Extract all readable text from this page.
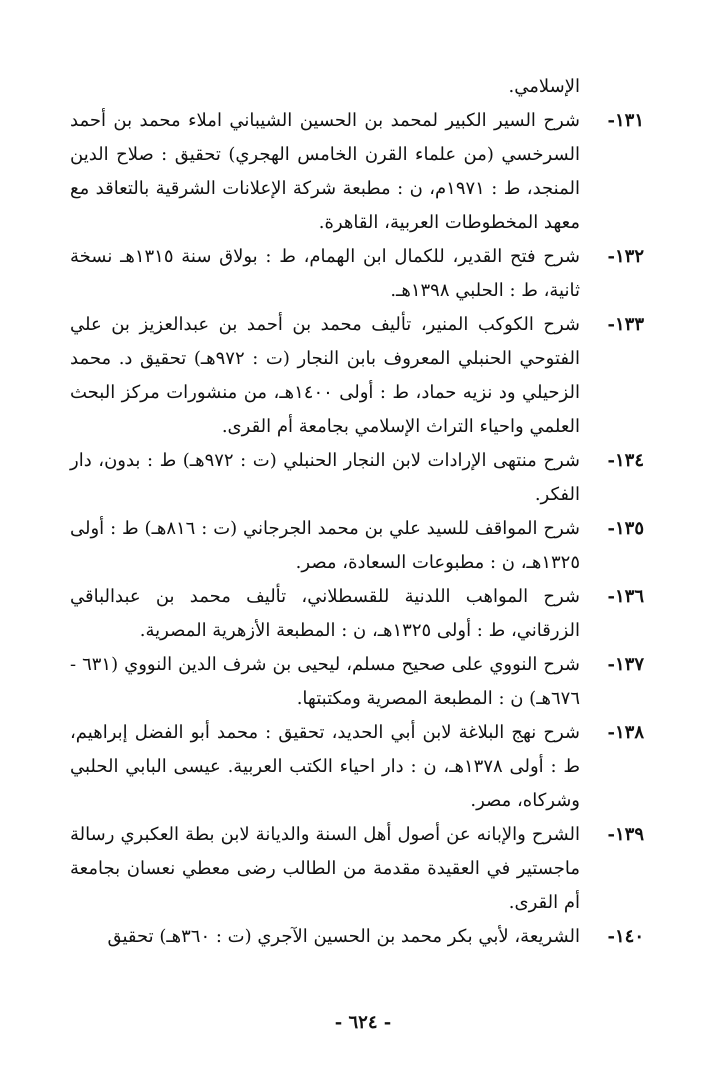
الإسلامي.

١٣١-
شرح السير الكبير لمحمد بن الحسين الشيباني املاء محمد بن أحمد السرخسي (من علماء القرن الخامس الهجري) تحقيق : صلاح الدين المنجد، ط : ١٩٧١م، ن : مطبعة شركة الإعلانات الشرقية بالتعاقد مع معهد المخطوطات العربية، القاهرة.
١٣٢-
شرح فتح القدير، للكمال ابن الهمام، ط : بولاق سنة ١٣١٥هـ نسخة ثانية، ط : الحلبي ١٣٩٨هـ.
١٣٣-
شرح الكوكب المنير، تأليف محمد بن أحمد بن عبدالعزيز بن علي الفتوحي الحنبلي المعروف بابن النجار (ت : ٩٧٢هـ) تحقيق د. محمد الزحيلي ود نزيه حماد، ط : أولى ١٤٠٠هـ، من منشورات مركز البحث العلمي واحياء التراث الإسلامي بجامعة أم القرى.
١٣٤-
شرح منتهى الإرادات لابن النجار الحنبلي (ت : ٩٧٢هـ) ط : بدون، دار الفكر.
١٣٥-
شرح المواقف للسيد علي بن محمد الجرجاني (ت : ٨١٦هـ) ط : أولى ١٣٢٥هـ، ن : مطبوعات السعادة، مصر.
١٣٦-
شرح المواهب اللدنية للقسطلاني، تأليف محمد بن عبدالباقي الزرقاني، ط : أولى ١٣٢٥هـ، ن : المطبعة الأزهرية المصرية.
١٣٧-
شرح النووي على صحيح مسلم، ليحيى بن شرف الدين النووي (٦٣١ - ٦٧٦هـ) ن : المطبعة المصرية ومكتبتها.
١٣٨-
شرح نهج البلاغة لابن أبي الحديد، تحقيق : محمد أبو الفضل إبراهيم، ط : أولى ١٣٧٨هـ، ن : دار احياء الكتب العربية. عيسى البابي الحلبي وشركاه، مصر.
١٣٩-
الشرح والإبانه عن أصول أهل السنة والديانة لابن بطة العكبري رسالة ماجستير في العقيدة مقدمة من الطالب رضى معطي نعسان بجامعة أم القرى.
١٤٠-
الشريعة، لأبي بكر محمد بن الحسين الآجري (ت : ٣٦٠هـ) تحقيق
- ٦٢٤ -
